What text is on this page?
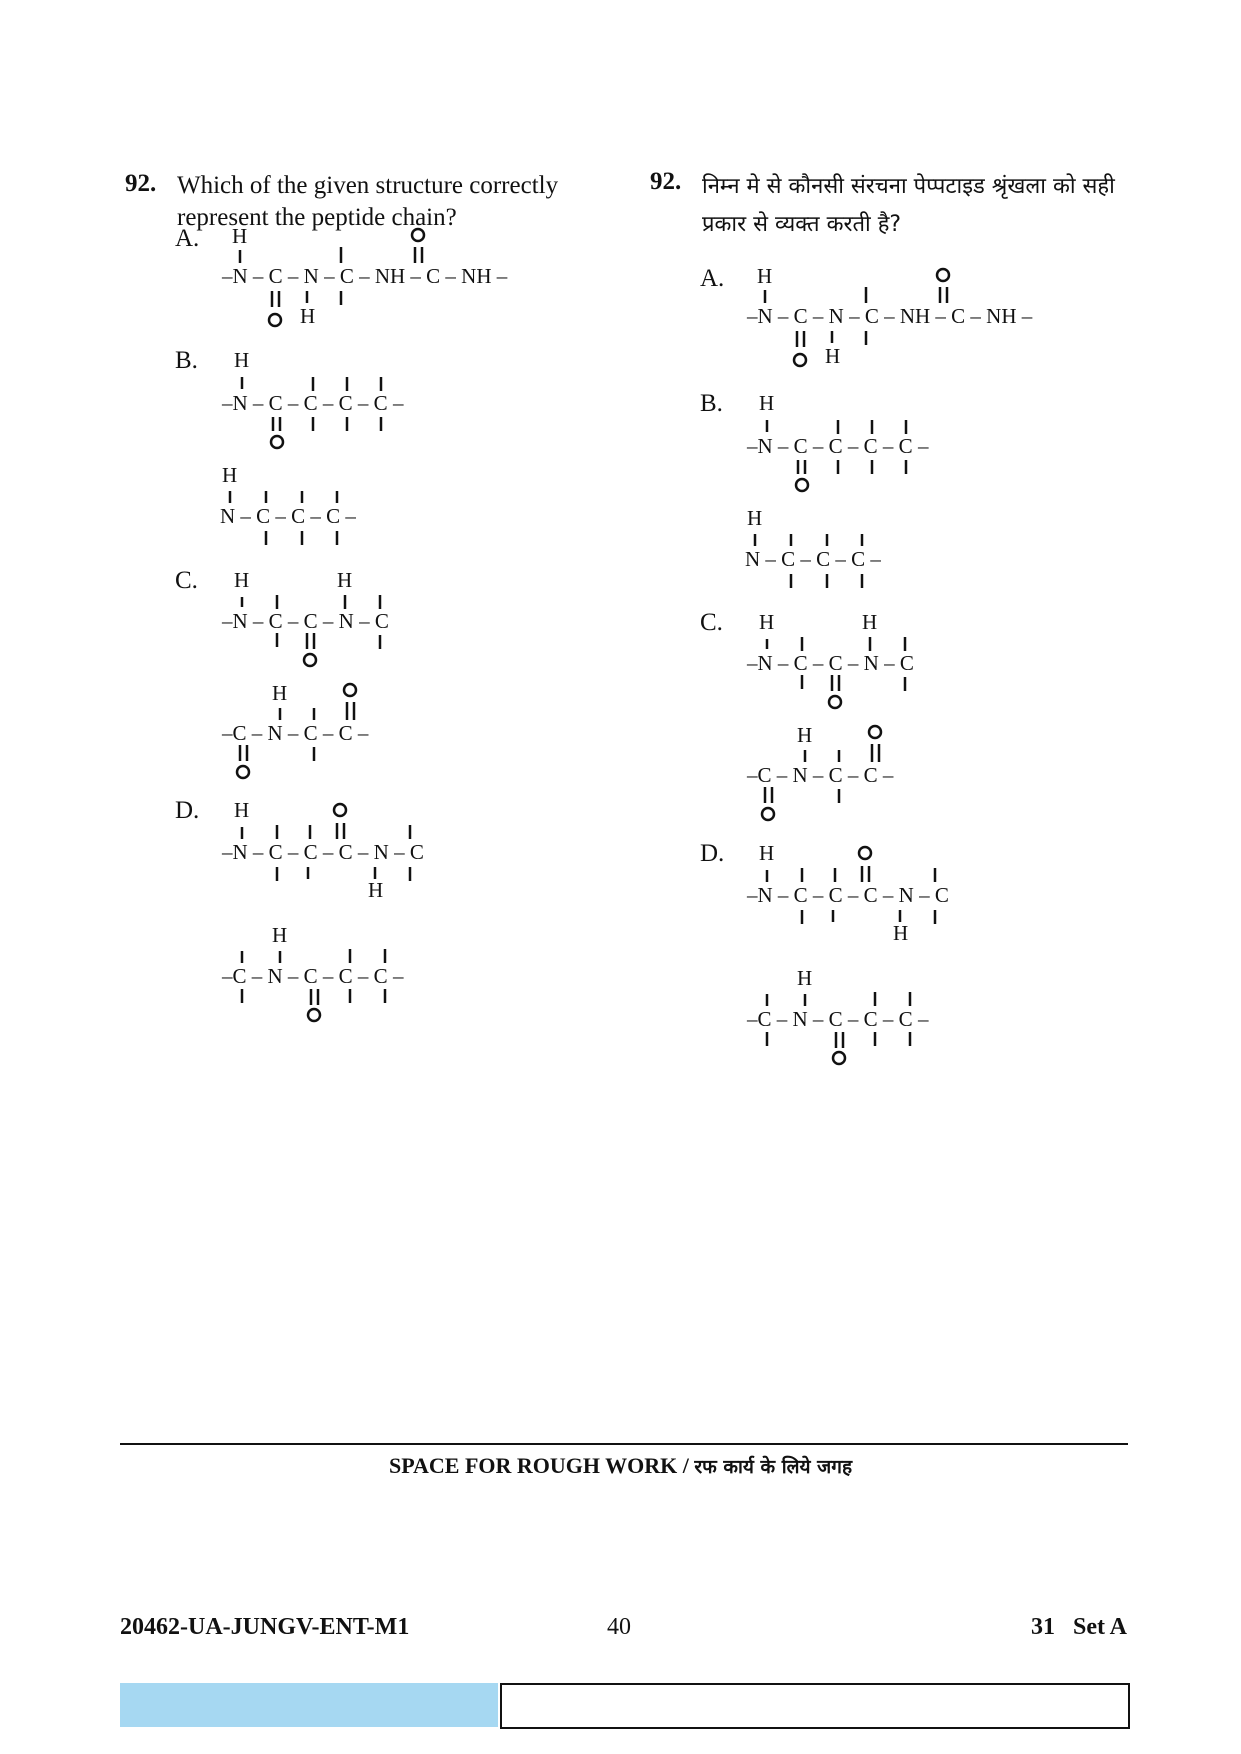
92. Which of the given structure correctly represent the peptide chain?
A. H
–N – C – N – C – NH – C – NH –
H
B. H
–N – C – C – C – C –
H
N – C – C – C –
C. H	H
–N – C – C – N – C
H
–C – N – C – C –
D. H
–N – C – C – C – N – C
H
H
–C – N – C – C – C –
92. निम्न मे से कौनसी संरचना पेप्पटाइड श्रृंखला को सही प्रकार से व्यक्त करती है?
A. H
–N – C – N – C – NH – C – NH –
H
B. H
–N – C – C – C – C –
H
N – C – C – C –
C. H	H
–N – C – C – N – C
H
–C – N – C – C –
D. H
–N – C – C – C – N – C
H
H
–C – N – C – C – C –
SPACE FOR ROUGH WORK / रफ कार्य के लिये जगह
20462-UA-JUNGV-ENT-M1	40	31   Set A
